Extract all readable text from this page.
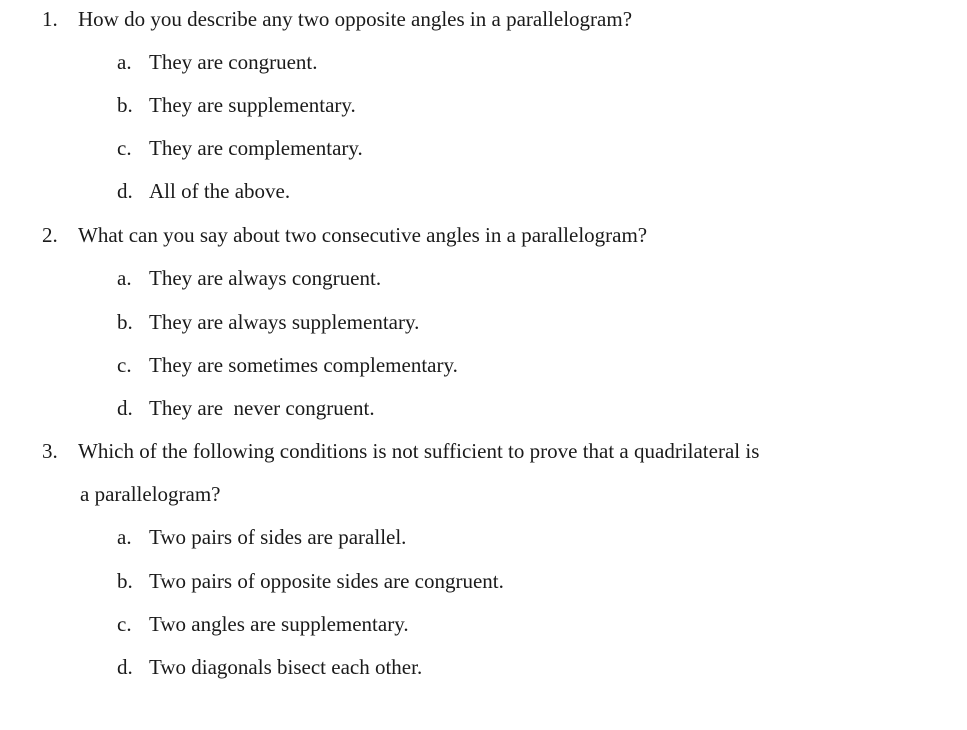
1. How do you describe any two opposite angles in a parallelogram?
a. They are congruent.
b. They are supplementary.
c. They are complementary.
d. All of the above.
2. What can you say about two consecutive angles in a parallelogram?
a. They are always congruent.
b. They are always supplementary.
c. They are sometimes complementary.
d. They are  never congruent.
3. Which of the following conditions is not sufficient to prove that a quadrilateral is
a parallelogram?
a. Two pairs of sides are parallel.
b. Two pairs of opposite sides are congruent.
c. Two angles are supplementary.
d. Two diagonals bisect each other.
